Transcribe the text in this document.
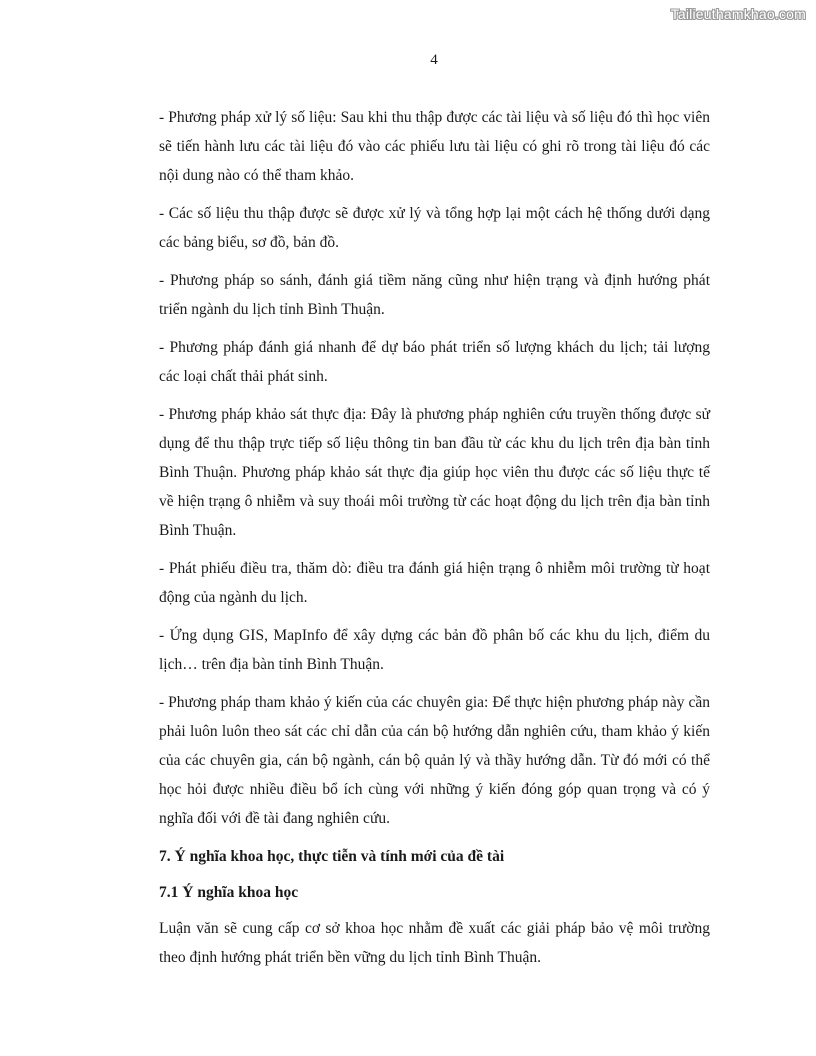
Tailieuthamkhao.com
4

- Phương pháp xử lý số liệu: Sau khi thu thập được các tài liệu và số liệu đó thì học viên sẽ tiến hành lưu các tài liệu đó vào các phiếu lưu tài liệu có ghi rõ trong tài liệu đó các nội dung nào có thể tham khảo.

- Các số liệu thu thập được sẽ được xử lý và tổng hợp lại một cách hệ thống dưới dạng các bảng biểu, sơ đồ, bản đồ.

- Phương pháp so sánh, đánh giá tiềm năng cũng như hiện trạng và định hướng phát triển ngành du lịch tỉnh Bình Thuận.

- Phương pháp đánh giá nhanh để dự báo phát triển số lượng khách du lịch; tải lượng các loại chất thải phát sinh.

- Phương pháp khảo sát thực địa: Đây là phương pháp nghiên cứu truyền thống được sử dụng để thu thập trực tiếp số liệu thông tin ban đầu từ các khu du lịch trên địa bàn tỉnh Bình Thuận. Phương pháp khảo sát thực địa giúp học viên thu được các số liệu thực tế về hiện trạng ô nhiễm và suy thoái môi trường từ các hoạt động du lịch trên địa bàn tỉnh Bình Thuận.

- Phát phiếu điều tra, thăm dò: điều tra đánh giá hiện trạng ô nhiễm môi trường từ hoạt động của ngành du lịch.

- Ứng dụng GIS, MapInfo để xây dựng các bản đồ phân bố các khu du lịch, điểm du lịch… trên địa bàn tỉnh Bình Thuận.

- Phương pháp tham khảo ý kiến của các chuyên gia: Để thực hiện phương pháp này cần phải luôn luôn theo sát các chỉ dẫn của cán bộ hướng dẫn nghiên cứu, tham khảo ý kiến của các chuyên gia, cán bộ ngành, cán bộ quản lý và thầy hướng dẫn. Từ đó mới có thể học hỏi được nhiều điều bổ ích cùng với những ý kiến đóng góp quan trọng và có ý nghĩa đối với đề tài đang nghiên cứu.

7. Ý nghĩa khoa học, thực tiễn và tính mới của đề tài
7.1 Ý nghĩa khoa học

Luận văn sẽ cung cấp cơ sở khoa học nhằm đề xuất các giải pháp bảo vệ môi trường theo định hướng phát triển bền vững du lịch tỉnh Bình Thuận.
